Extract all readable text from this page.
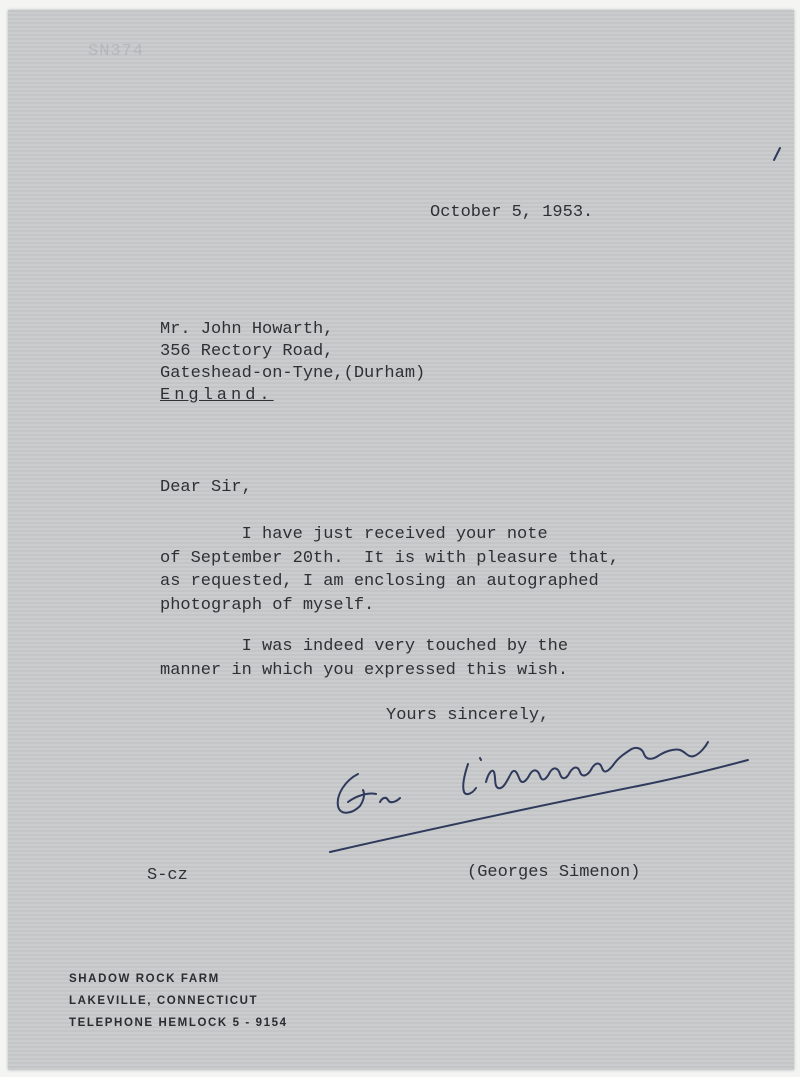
SN374
October 5, 1953.
Mr. John Howarth,
356 Rectory Road,
Gateshead-on-Tyne,(Durham)
England.
Dear Sir,
I have just received your note
of September 20th.  It is with pleasure that,
as requested, I am enclosing an autographed
photograph of myself.
I was indeed very touched by the
manner in which you expressed this wish.
Yours sincerely,
S-cz	(Georges Simenon)
SHADOW ROCK FARM
LAKEVILLE, CONNECTICUT
TELEPHONE HEMLOCK 5 - 9154
